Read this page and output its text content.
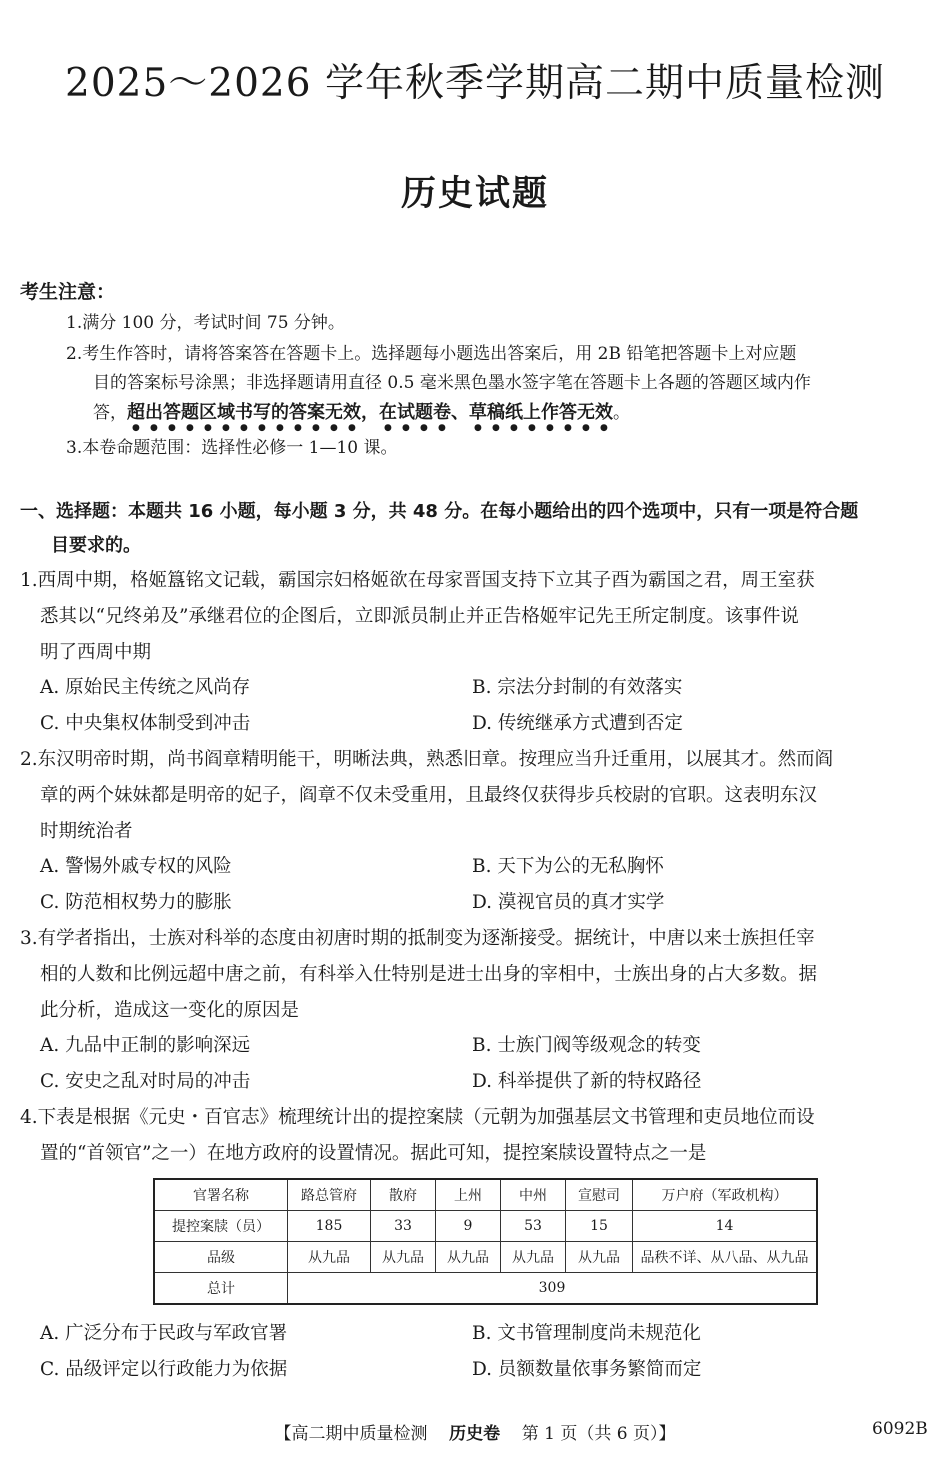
2025～2026 学年秋季学期高二期中质量检测
历史试题
考生注意：
1.满分 100 分，考试时间 75 分钟。
2.考生作答时，请将答案答在答题卡上。选择题每小题选出答案后，用 2B 铅笔把答题卡上对应题
目的答案标号涂黑；非选择题请用直径 0.5 毫米黑色墨水签字笔在答题卡上各题的答题区域内作
答，超出答题区域书写的答案无效，在试题卷、草稿纸上作答无效。
3.本卷命题范围：选择性必修一 1—10 课。
一、选择题：本题共 16 小题，每小题 3 分，共 48 分。在每小题给出的四个选项中，只有一项是符合题
目要求的。
1.西周中期，格姬簋铭文记载，霸国宗妇格姬欲在母家晋国支持下立其子酉为霸国之君，周王室获
悉其以“兄终弟及”承继君位的企图后，立即派员制止并正告格姬牢记先王所定制度。该事件说
明了西周中期
A. 原始民主传统之风尚存	B. 宗法分封制的有效落实
C. 中央集权体制受到冲击	D. 传统继承方式遭到否定
2.东汉明帝时期，尚书阎章精明能干，明晰法典，熟悉旧章。按理应当升迁重用，以展其才。然而阎
章的两个妹妹都是明帝的妃子，阎章不仅未受重用，且最终仅获得步兵校尉的官职。这表明东汉
时期统治者
A. 警惕外戚专权的风险	B. 天下为公的无私胸怀
C. 防范相权势力的膨胀	D. 漠视官员的真才实学
3.有学者指出，士族对科举的态度由初唐时期的抵制变为逐渐接受。据统计，中唐以来士族担任宰
相的人数和比例远超中唐之前，有科举入仕特别是进士出身的宰相中，士族出身的占大多数。据
此分析，造成这一变化的原因是
A. 九品中正制的影响深远	B. 士族门阀等级观念的转变
C. 安史之乱对时局的冲击	D. 科举提供了新的特权路径
4.下表是根据《元史・百官志》梳理统计出的提控案牍（元朝为加强基层文书管理和吏员地位而设
置的“首领官”之一）在地方政府的设置情况。据此可知，提控案牍设置特点之一是
官署名称	路总管府	散府	上州	中州	宣慰司	万户府（军政机构）
提控案牍（员）	185	33	9	53	15	14
品级	从九品	从九品	从九品	从九品	从九品	品秩不详、从八品、从九品
总计	309					
A. 广泛分布于民政与军政官署	B. 文书管理制度尚未规范化
C. 品级评定以行政能力为依据	D. 员额数量依事务繁简而定
【高二期中质量检测 历史卷 第 1 页（共 6 页）】	6092B
